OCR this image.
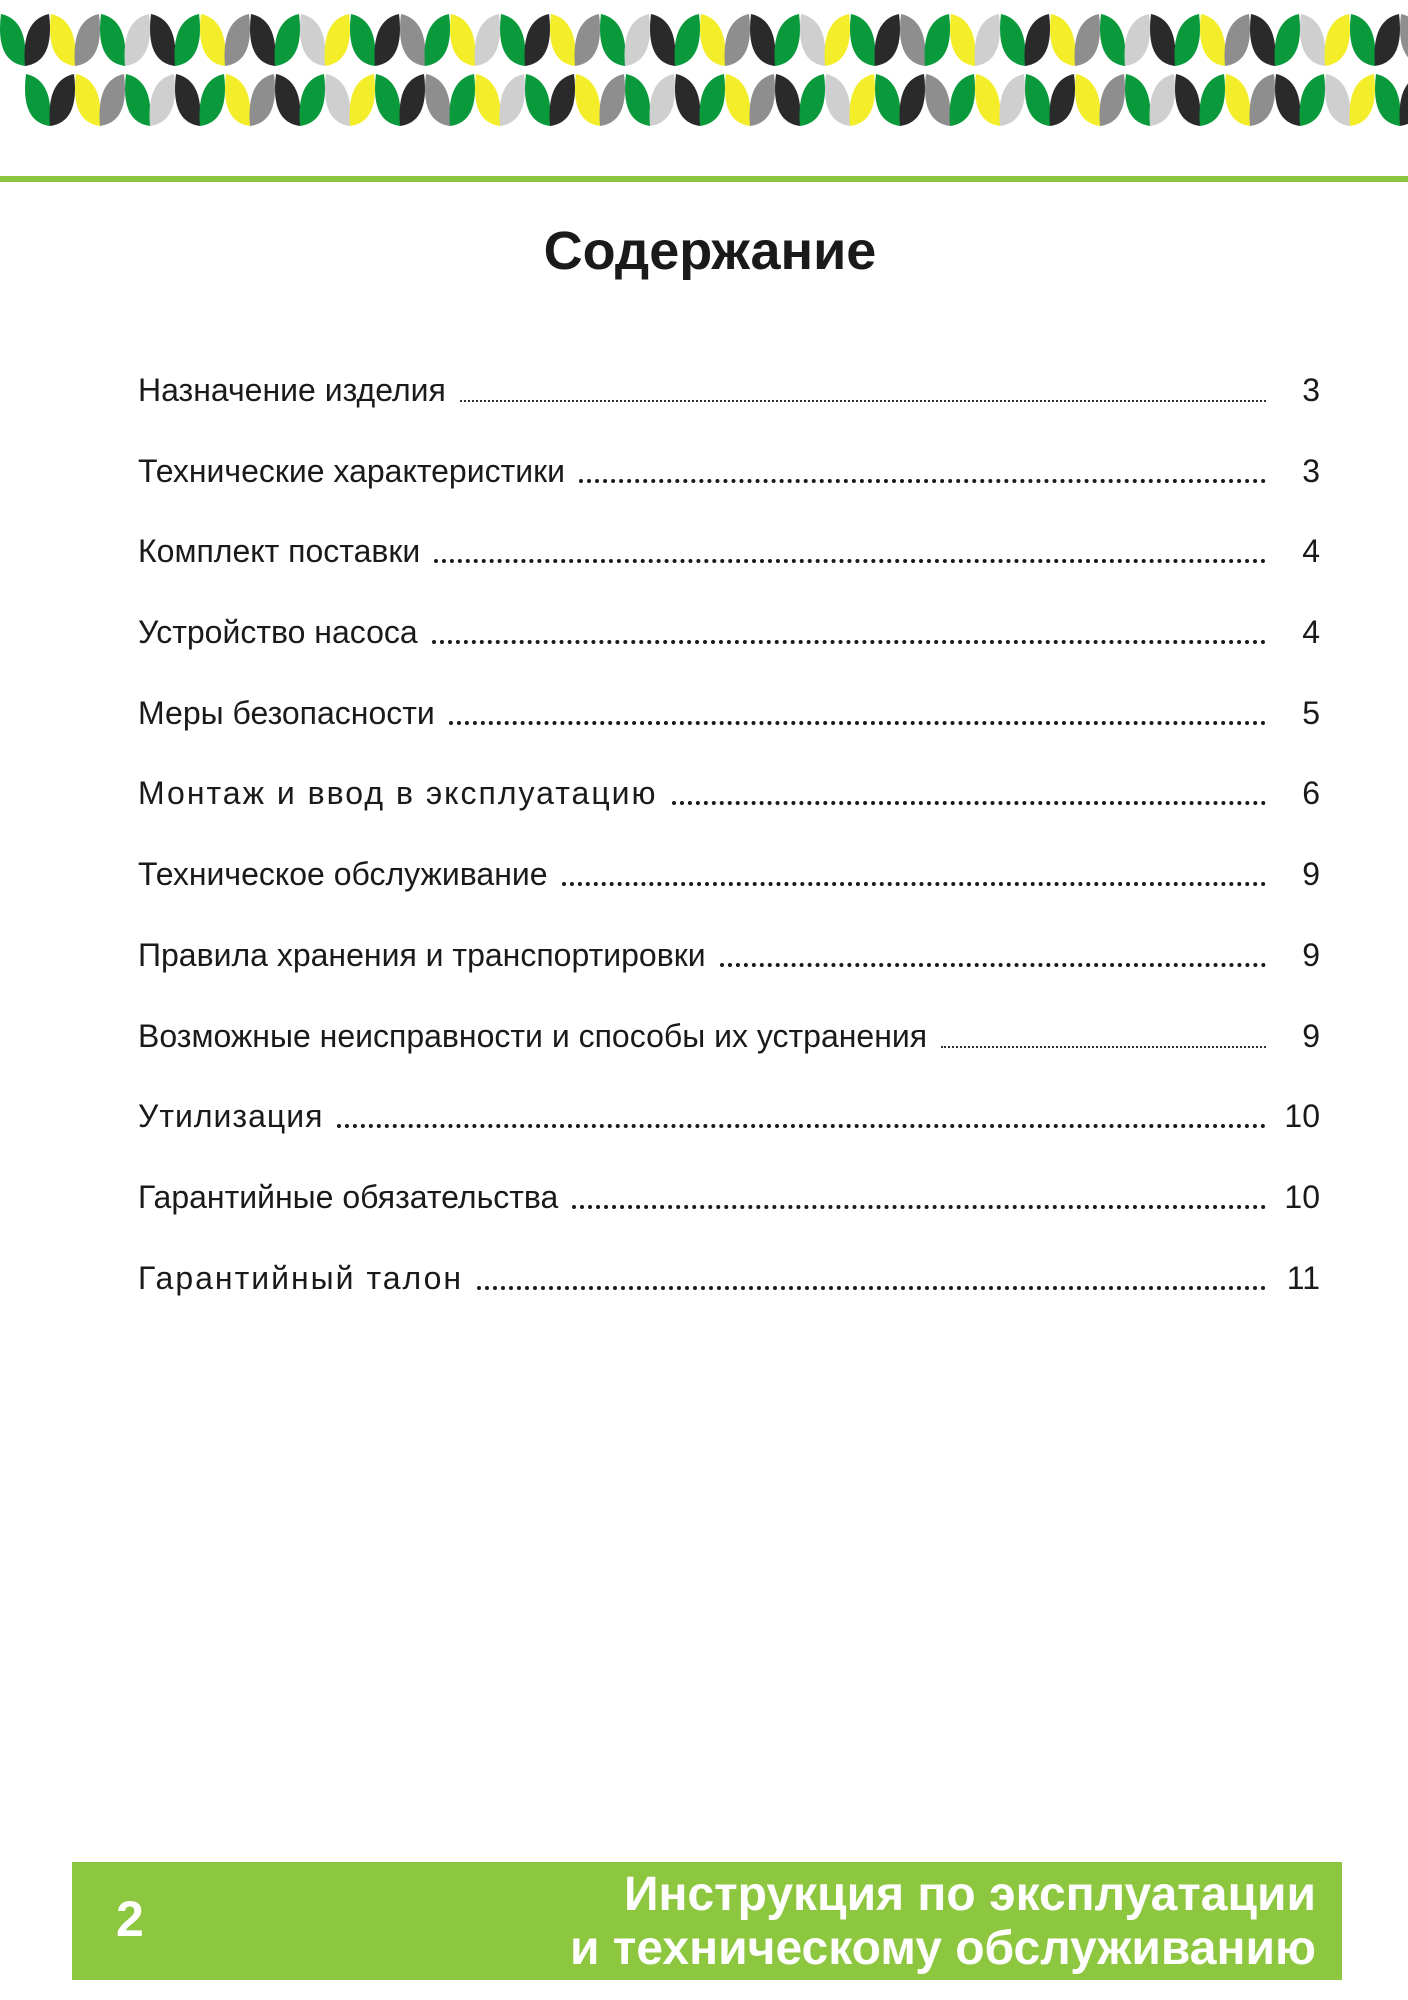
Содержание
Назначение изделия	3
Технические характеристики	3
Комплект поставки	4
Устройство насоса	4
Меры безопасности	5
Монтаж и ввод в эксплуатацию	6
Техническое обслуживание	9
Правила хранения и транспортировки	9
Возможные неисправности и способы их устранения	9
Утилизация	10
Гарантийные обязательства	10
Гарантийный талон	11
2	Инструкция по эксплуатации
и техническому обслуживанию
